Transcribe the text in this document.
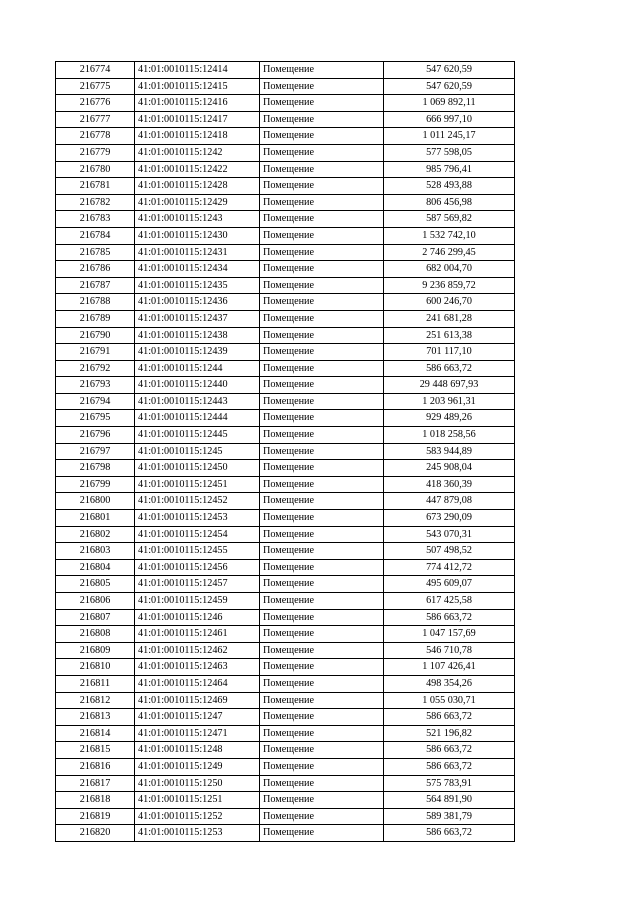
216774	41:01:0010115:12414	Помещение	547 620,59
216775	41:01:0010115:12415	Помещение	547 620,59
216776	41:01:0010115:12416	Помещение	1 069 892,11
216777	41:01:0010115:12417	Помещение	666 997,10
216778	41:01:0010115:12418	Помещение	1 011 245,17
216779	41:01:0010115:1242	Помещение	577 598,05
216780	41:01:0010115:12422	Помещение	985 796,41
216781	41:01:0010115:12428	Помещение	528 493,88
216782	41:01:0010115:12429	Помещение	806 456,98
216783	41:01:0010115:1243	Помещение	587 569,82
216784	41:01:0010115:12430	Помещение	1 532 742,10
216785	41:01:0010115:12431	Помещение	2 746 299,45
216786	41:01:0010115:12434	Помещение	682 004,70
216787	41:01:0010115:12435	Помещение	9 236 859,72
216788	41:01:0010115:12436	Помещение	600 246,70
216789	41:01:0010115:12437	Помещение	241 681,28
216790	41:01:0010115:12438	Помещение	251 613,38
216791	41:01:0010115:12439	Помещение	701 117,10
216792	41:01:0010115:1244	Помещение	586 663,72
216793	41:01:0010115:12440	Помещение	29 448 697,93
216794	41:01:0010115:12443	Помещение	1 203 961,31
216795	41:01:0010115:12444	Помещение	929 489,26
216796	41:01:0010115:12445	Помещение	1 018 258,56
216797	41:01:0010115:1245	Помещение	583 944,89
216798	41:01:0010115:12450	Помещение	245 908,04
216799	41:01:0010115:12451	Помещение	418 360,39
216800	41:01:0010115:12452	Помещение	447 879,08
216801	41:01:0010115:12453	Помещение	673 290,09
216802	41:01:0010115:12454	Помещение	543 070,31
216803	41:01:0010115:12455	Помещение	507 498,52
216804	41:01:0010115:12456	Помещение	774 412,72
216805	41:01:0010115:12457	Помещение	495 609,07
216806	41:01:0010115:12459	Помещение	617 425,58
216807	41:01:0010115:1246	Помещение	586 663,72
216808	41:01:0010115:12461	Помещение	1 047 157,69
216809	41:01:0010115:12462	Помещение	546 710,78
216810	41:01:0010115:12463	Помещение	1 107 426,41
216811	41:01:0010115:12464	Помещение	498 354,26
216812	41:01:0010115:12469	Помещение	1 055 030,71
216813	41:01:0010115:1247	Помещение	586 663,72
216814	41:01:0010115:12471	Помещение	521 196,82
216815	41:01:0010115:1248	Помещение	586 663,72
216816	41:01:0010115:1249	Помещение	586 663,72
216817	41:01:0010115:1250	Помещение	575 783,91
216818	41:01:0010115:1251	Помещение	564 891,90
216819	41:01:0010115:1252	Помещение	589 381,79
216820	41:01:0010115:1253	Помещение	586 663,72
